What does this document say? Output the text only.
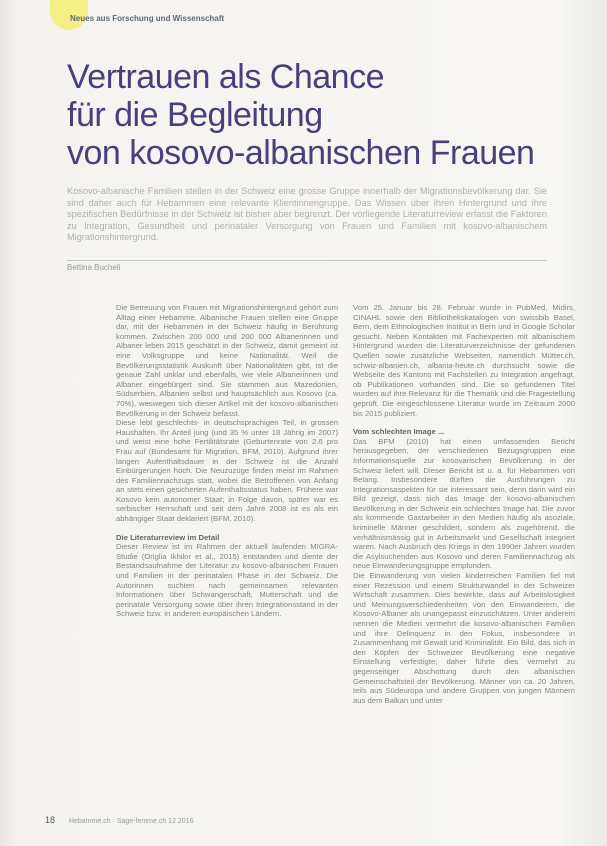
Neues aus Forschung und Wissenschaft
Vertrauen als Chance
für die Begleitung
von kosovo-albanischen Frauen
Kosovo-albanische Familien stellen in der Schweiz eine grosse Gruppe innerhalb der Migrationsbevölkerung dar. Sie sind daher auch für Hebammen eine relevante Klientinnengruppe. Das Wissen über ihren Hintergrund und ihre spezifischen Bedürfnisse in der Schweiz ist bisher aber begrenzt. Der vorliegende Literaturreview erfasst die Faktoren zu Integration, Gesundheit und perinataler Versorgung von Frauen und Familien mit kosovo-albanischem Migrationshintergrund.
Bettina Bucheli

Die Betreuung von Frauen mit Migrationshintergrund gehört zum Alltag einer Hebamme. Albanische Frauen stellen eine Gruppe dar, mit der Hebammen in der Schweiz häufig in Berührung kommen. Zwischen 200 000 und 200 000 Albanerinnen und Albaner leben 2015 geschätzt in der Schweiz, damit gemeint ist eine Volksgruppe und keine Nationalität. Weil die Bevölkerungsstatistik Auskunft über Nationalitäten gibt, ist die genaue Zahl unklar und ebenfalls, wie viele Albanerinnen und Albaner eingebürgert sind. Sie stammen aus Mazedonien, Südserbien, Albanien selbst und hauptsächlich aus Kosovo (ca. 70%), weswegen sich dieser Artikel mit der kosovo-albanischen Bevölkerung in der Schweiz befasst.

Diese lebt geschlechts- in deutschsprachigen Teil, in grossen Haushalten. Ihr Anteil jung (und 35 % unter 18 Jährig im 2007) und weist eine hohe Fertilitätsrate (Geburtenrate von 2.6 pro Frau auf (Bundesamt für Migration, BFM, 2010). Aufgrund ihrer langen Aufenthaltsdauer in der Schweiz ist die Anzahl Einbürgerungen hoch. Die Neuzuzüge finden meist im Rahmen des Familiennachzugs statt, wobei die Betroffenen von Anfang an stets einen gesicherten Aufenthaltsstatus haben. Frühere war Kosovo kein autonomer Staat; in Folge davon, später war es serbischer Herrschaft und seit dem Jahre 2008 ist es als ein abhängiger Staat deklariert (BFM, 2010).

Die Literaturreview im Detail

Dieser Review ist im Rahmen der aktuell laufenden MIGRA-Studie (Origlia Ikhilor et al., 2015) entstanden und diente der Bestandsaufnahme der Literatur zu kosovo-albanischen Frauen und Familien in der perinatalen Phase in der Schweiz. Die Autorinnen suchten nach gemeinsamen relevanten Informationen über Schwangerschaft, Mutterschaft und die perinatale Versorgung sowie über ihren Integrationsstand in der Schweiz bzw. in anderen europäischen Ländern.

Vom 25. Januar bis 28. Februar wurde in PubMed, Midirs, CINAHL sowie den Bibliothekskatalogen von swissbib Basel, Bern, dem Ethnologischen Institut in Bern und in Google Scholar gesucht. Neben Kontakten mit Fachexperten mit albanischem Hintergrund wurden die Literaturverzeichnisse der gefundenen Quellen sowie zusätzliche Webseiten, namentlich Mütter.ch, schwiz-albanien.ch, albania-heute.ch durchsucht sowie die Webseite des Kantons mit Fachstellen zu Integration angefragt, ob Publikationen vorhanden sind. Die so gefundenen Titel wurden auf ihre Relevanz für die Thematik und die Fragestellung geprüft. Die eingeschlossene Literatur wurde im Zeitraum 2000 bis 2015 publiziert.

Vom schlechten Image ...

Das BFM (2010) hat einen umfassenden Bericht herausgegeben, der verschiedenen Bezugsgruppen eine Informationsquelle zur kosovarischen Bevölkerung in der Schweiz liefert will. Dieser Bericht ist u. a. für Hebammen von Belang. Insbesondere dürften die Ausführungen zu Integrationsaspekten für sie interessant sein, denn darin wird ein Bild gezeigt, dass sich das Image der kosovo-albanischen Bevölkerung in der Schweiz ein schlechtes Image hat. Die zuvor als kommende Gastarbeiter in den Medien häufig als asoziale, kriminelle Männer geschildert, sondern als zugehörend, die verhältnismässig gut in Arbeitsmarkt und Gesellschaft integriert waren. Nach Ausbruch des Kriegs in den 1990er Jahren wurden die Asylsuchenden aus Kosovo und deren Familiennachzug als neue Einwanderungsgruppe empfunden.

Die Einwanderung von vielen kinderreichen Familien fiel mit einer Rezession und einem Strukturwandel in der Schweizer Wirtschaft zusammen. Dies bewirkte, dass auf Arbeitslosigkeit und Meinungsverschiedenheiten von den Einwanderern, die Kosovo-Albaner als unangepasst einzuschätzen. Unter anderem nennen die Medien vermehrt die kosovo-albanischen Familien und ihre Delinquenz in den Fokus, insbesondere in Zusammenhang mit Gewalt und Kriminalität. Ein Bild, das sich in den Köpfen der Schweizer Bevölkerung eine negative Einstellung verfestigte; daher führte dies vermehrt zu gegenseitiger Abschottung durch den albanischen Gemeinschaftsteil der Bevölkerung. Männer von ca. 20 Jahren, teils aus Südeuropa und andere Gruppen von jungen Männern aus dem Balkan und unter

18 Hebamme.ch · Sage-femme.ch 12 2016
